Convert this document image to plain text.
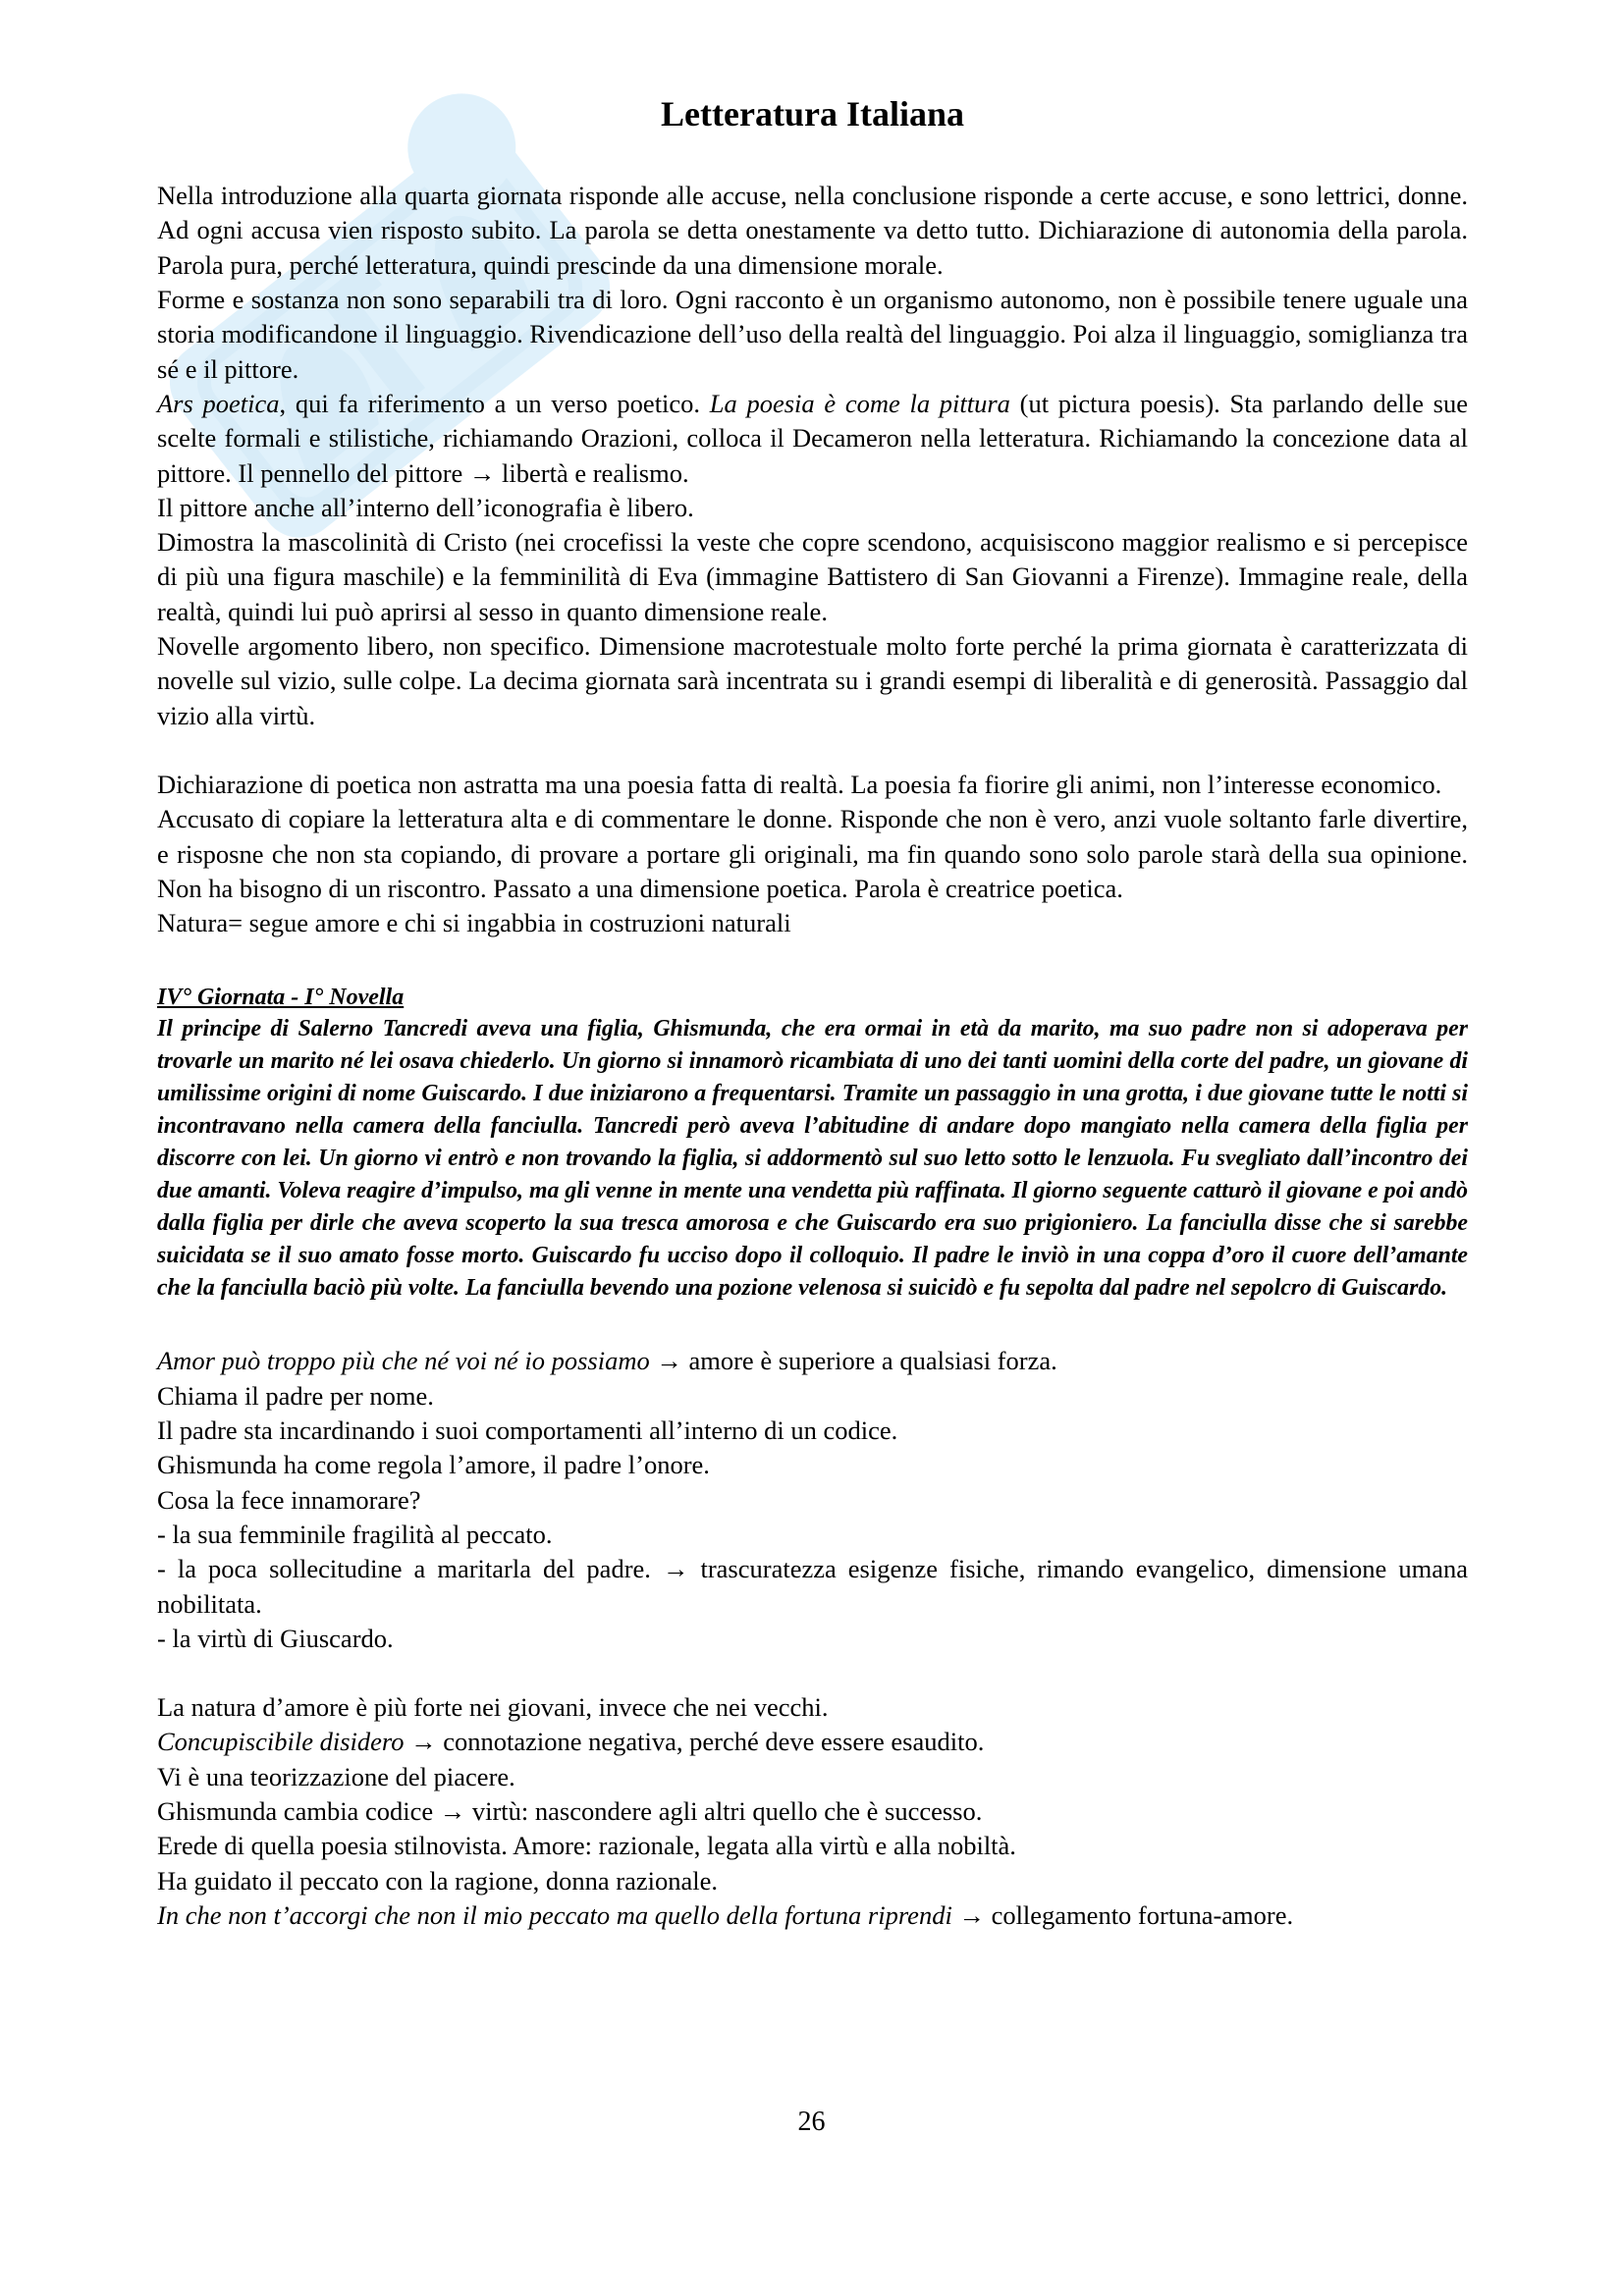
Letteratura Italiana

Nella introduzione alla quarta giornata risponde alle accuse, nella conclusione risponde a certe accuse, e sono lettrici, donne. Ad ogni accusa vien risposto subito. La parola se detta onestamente va detto tutto. Dichiarazione di autonomia della parola. Parola pura, perché letteratura, quindi prescinde da una dimensione morale.

Forme e sostanza non sono separabili tra di loro. Ogni racconto è un organismo autonomo, non è possibile tenere uguale una storia modificandone il linguaggio. Rivendicazione dell’uso della realtà del linguaggio. Poi alza il linguaggio, somiglianza tra sé e il pittore.

Ars poetica, qui fa riferimento a un verso poetico. La poesia è come la pittura (ut pictura poesis). Sta parlando delle sue scelte formali e stilistiche, richiamando Orazioni, colloca il Decameron nella letteratura. Richiamando la concezione data al pittore. Il pennello del pittore → libertà e realismo.

Il pittore anche all’interno dell’iconografia è libero.

Dimostra la mascolinità di Cristo (nei crocefissi la veste che copre scendono, acquisiscono maggior realismo e si percepisce di più una figura maschile) e la femminilità di Eva (immagine Battistero di San Giovanni a Firenze). Immagine reale, della realtà, quindi lui può aprirsi al sesso in quanto dimensione reale.

Novelle argomento libero, non specifico. Dimensione macrotestuale molto forte perché la prima giornata è caratterizzata di novelle sul vizio, sulle colpe. La decima giornata sarà incentrata su i grandi esempi di liberalità e di generosità. Passaggio dal vizio alla virtù.

Dichiarazione di poetica non astratta ma una poesia fatta di realtà. La poesia fa fiorire gli animi, non l’interesse economico.

Accusato di copiare la letteratura alta e di commentare le donne. Risponde che non è vero, anzi vuole soltanto farle divertire, e risposne che non sta copiando, di provare a portare gli originali, ma fin quando sono solo parole starà della sua opinione. Non ha bisogno di un riscontro. Passato a una dimensione poetica. Parola è creatrice poetica.

Natura= segue amore e chi si ingabbia in costruzioni naturali

IV° Giornata - I° Novella

Il principe di Salerno Tancredi aveva una figlia, Ghismunda, che era ormai in età da marito, ma suo padre non si adoperava per trovarle un marito né lei osava chiederlo. Un giorno si innamorò ricambiata di uno dei tanti uomini della corte del padre, un giovane di umilissime origini di nome Guiscardo. I due iniziarono a frequentarsi. Tramite un passaggio in una grotta, i due giovane tutte le notti si incontravano nella camera della fanciulla. Tancredi però aveva l’abitudine di andare dopo mangiato nella camera della figlia per discorre con lei. Un giorno vi entrò e non trovando la figlia, si addormentò sul suo letto sotto le lenzuola. Fu svegliato dall’incontro dei due amanti. Voleva reagire d’impulso, ma gli venne in mente una vendetta più raffinata. Il giorno seguente catturò il giovane e poi andò dalla figlia per dirle che aveva scoperto la sua tresca amorosa e che Guiscardo era suo prigioniero. La fanciulla disse che si sarebbe suicidata se il suo amato fosse morto. Guiscardo fu ucciso dopo il colloquio. Il padre le inviò in una coppa d’oro il cuore dell’amante che la fanciulla baciò più volte. La fanciulla bevendo una pozione velenosa si suicidò e fu sepolta dal padre nel sepolcro di Guiscardo.

Amor può troppo più che né voi né io possiamo → amore è superiore a qualsiasi forza.

Chiama il padre per nome.

Il padre sta incardinando i suoi comportamenti all’interno di un codice.

Ghismunda ha come regola l’amore, il padre l’onore.

Cosa la fece innamorare?

- la sua femminile fragilità al peccato.

- la poca sollecitudine a maritarla del padre. → trascuratezza esigenze fisiche, rimando evangelico, dimensione umana nobilitata.

- la virtù di Giuscardo.

La natura d’amore è più forte nei giovani, invece che nei vecchi.

Concupiscibile disidero → connotazione negativa, perché deve essere esaudito.

Vi è una teorizzazione del piacere.

Ghismunda cambia codice → virtù: nascondere agli altri quello che è successo.

Erede di quella poesia stilnovista. Amore: razionale, legata alla virtù e alla nobiltà.

Ha guidato il peccato con la ragione, donna razionale.

In che non t’accorgi che non il mio peccato ma quello della fortuna riprendi → collegamento fortuna-amore.

26
